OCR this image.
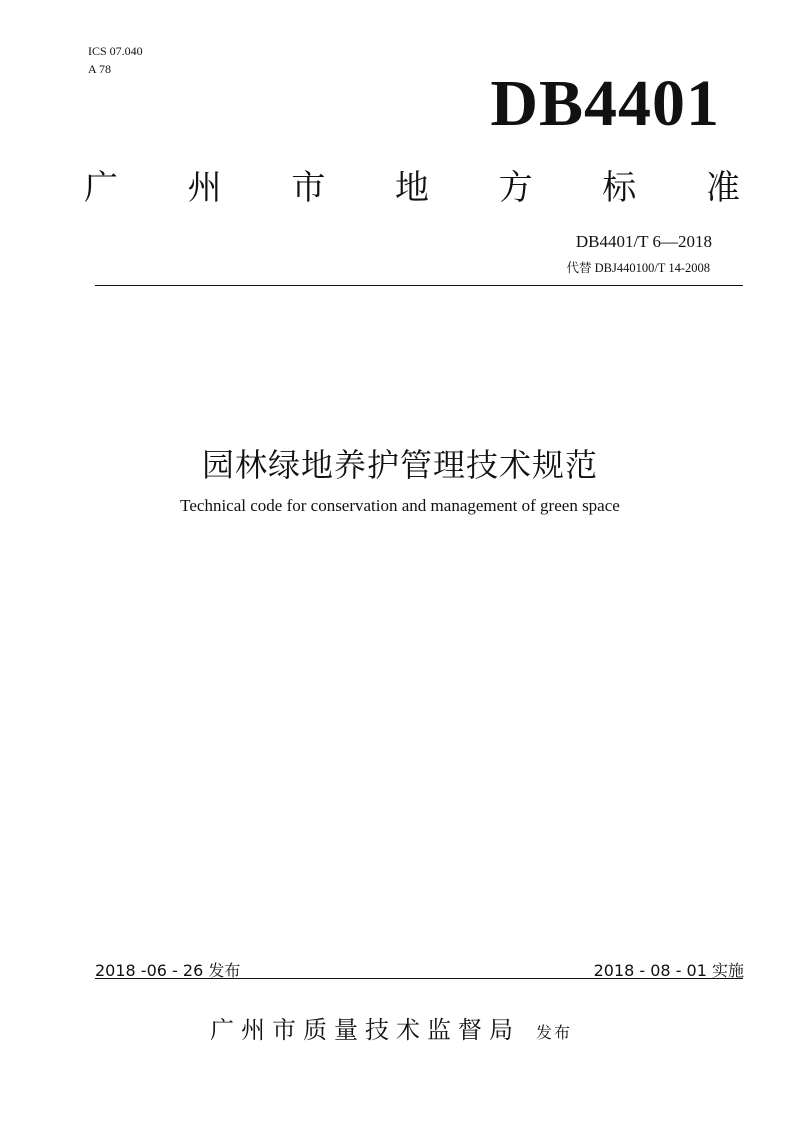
ICS 07.040
A 78	DB4401
广 州 市 地 方 标 准
DB4401/T 6—2018
代替 DBJ440100/T 14-2008
园林绿地养护管理技术规范
Technical code for conservation and management of green space
2018 -06 - 26 发布	2018 - 08 - 01 实施
广州市质量技术监督局 发布
